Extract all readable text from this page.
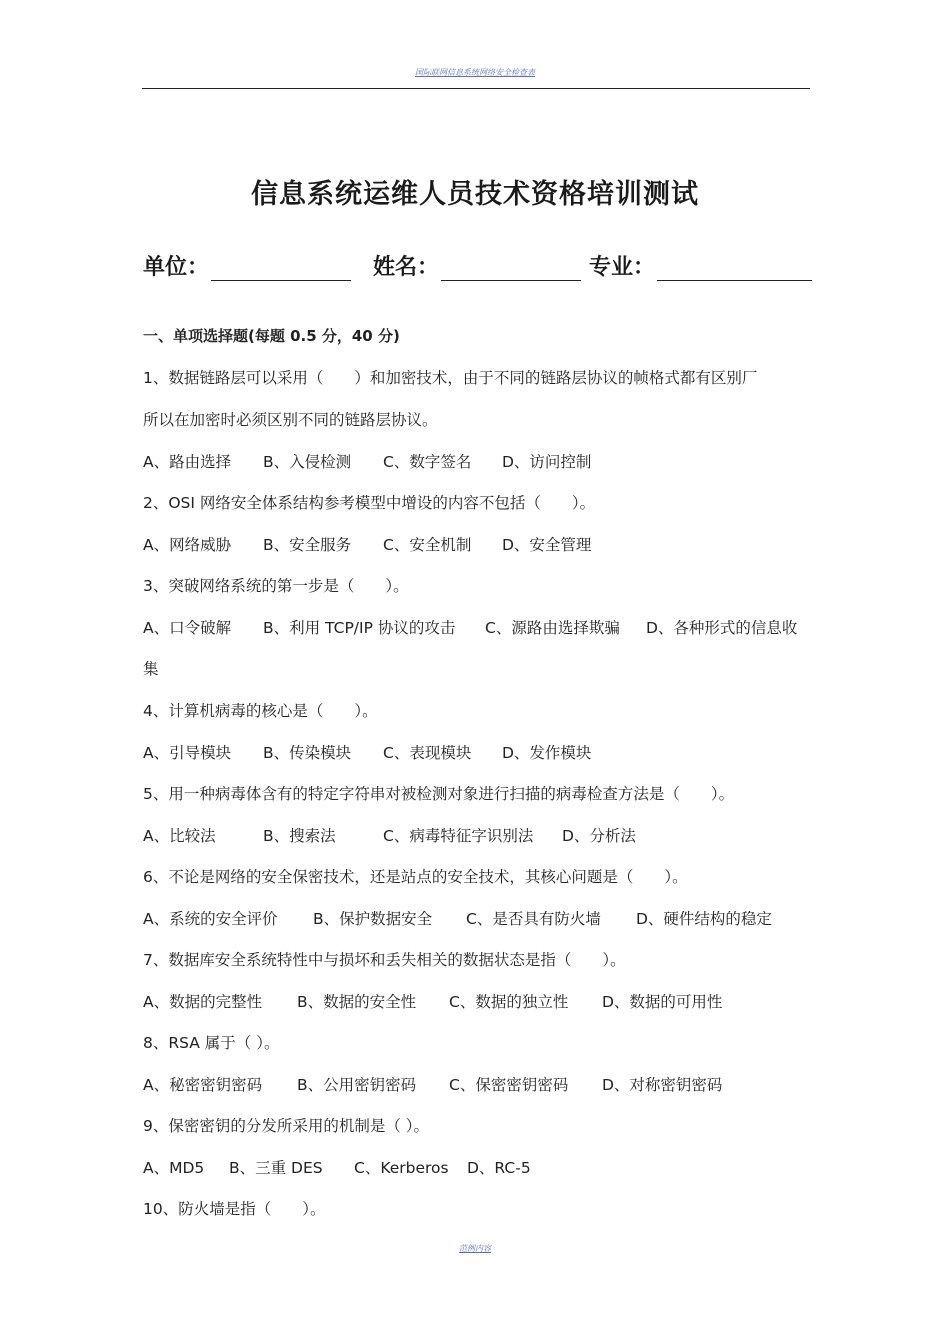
国际联网信息系统网络安全检查表
信息系统运维人员技术资格培训测试
单位：	姓名：	专业：
一、单项选择题(每题 0.5 分，40 分)
1、数据链路层可以采用（　　）和加密技术，由于不同的链路层协议的帧格式都有区别厂
所以在加密时必须区别不同的链路层协议。
A、路由选择 B、入侵检测 C、数字签名 D、访问控制
2、OSI 网络安全体系结构参考模型中增设的内容不包括（　　）。
A、网络威胁 B、安全服务 C、安全机制 D、安全管理
3、突破网络系统的第一步是（　　）。
A、口令破解 B、利用 TCP/IP 协议的攻击 C、源路由选择欺骗 D、各种形式的信息收
集
4、计算机病毒的核心是（　　）。
A、引导模块 B、传染模块 C、表现模块 D、发作模块
5、用一种病毒体含有的特定字符串对被检测对象进行扫描的病毒检查方法是（　　）。
A、比较法	B、搜索法	C、病毒特征字识别法 D、分析法
6、不论是网络的安全保密技术，还是站点的安全技术，其核心问题是（　　）。
A、系统的安全评价 B、保护数据安全 C、是否具有防火墙 D、硬件结构的稳定
7、数据库安全系统特性中与损坏和丢失相关的数据状态是指（　　）。
A、数据的完整性 B、数据的安全性 C、数据的独立性 D、数据的可用性
8、RSA 属于（ ）。
A、秘密密钥密码 B、公用密钥密码 C、保密密钥密码 D、对称密钥密码
9、保密密钥的分发所采用的机制是（ ）。
A、MD5 B、三重 DES C、Kerberos D、RC-5
10、防火墙是指（　　）。
范例内容
